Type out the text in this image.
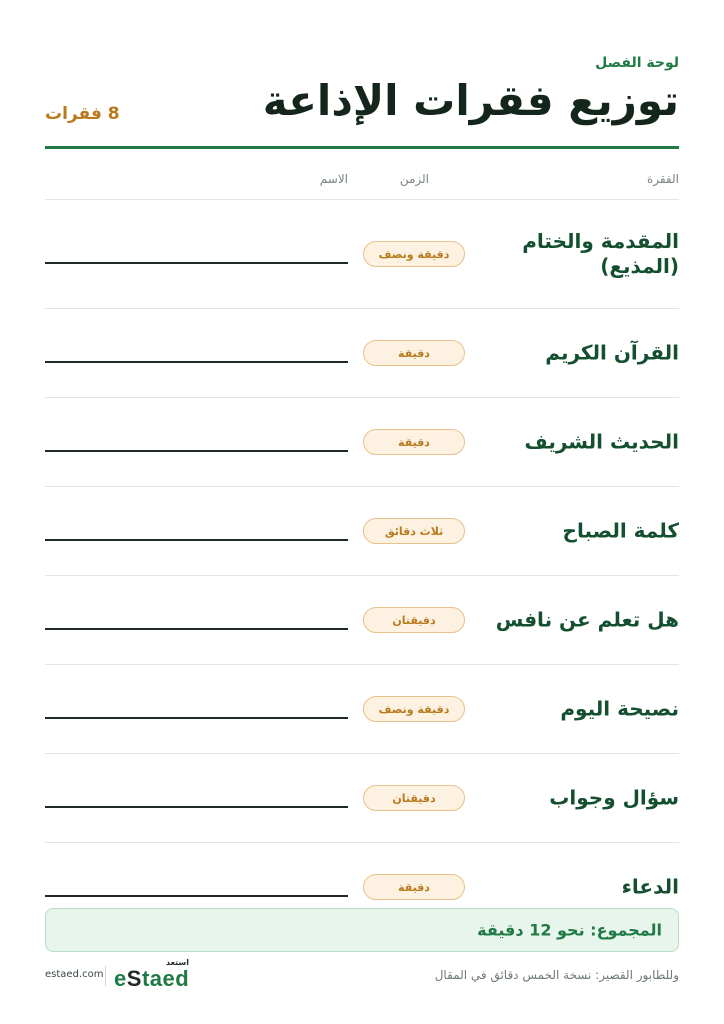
لوحة الفصل
توزيع فقرات الإذاعة
8 فقرات
الفقرة
الزمن
الاسم
المقدمة والختام (المذيع)
دقيقة ونصف
القرآن الكريم
دقيقة
الحديث الشريف
دقيقة
كلمة الصباح
ثلاث دقائق
هل تعلم عن نافس
دقيقتان
نصيحة اليوم
دقيقة ونصف
سؤال وجواب
دقيقتان
الدعاء
دقيقة
المجموع: نحو 12 دقيقة
وللطابور القصير: نسخة الخمس دقائق في المقال
estaed.com
استعد
eStaed
